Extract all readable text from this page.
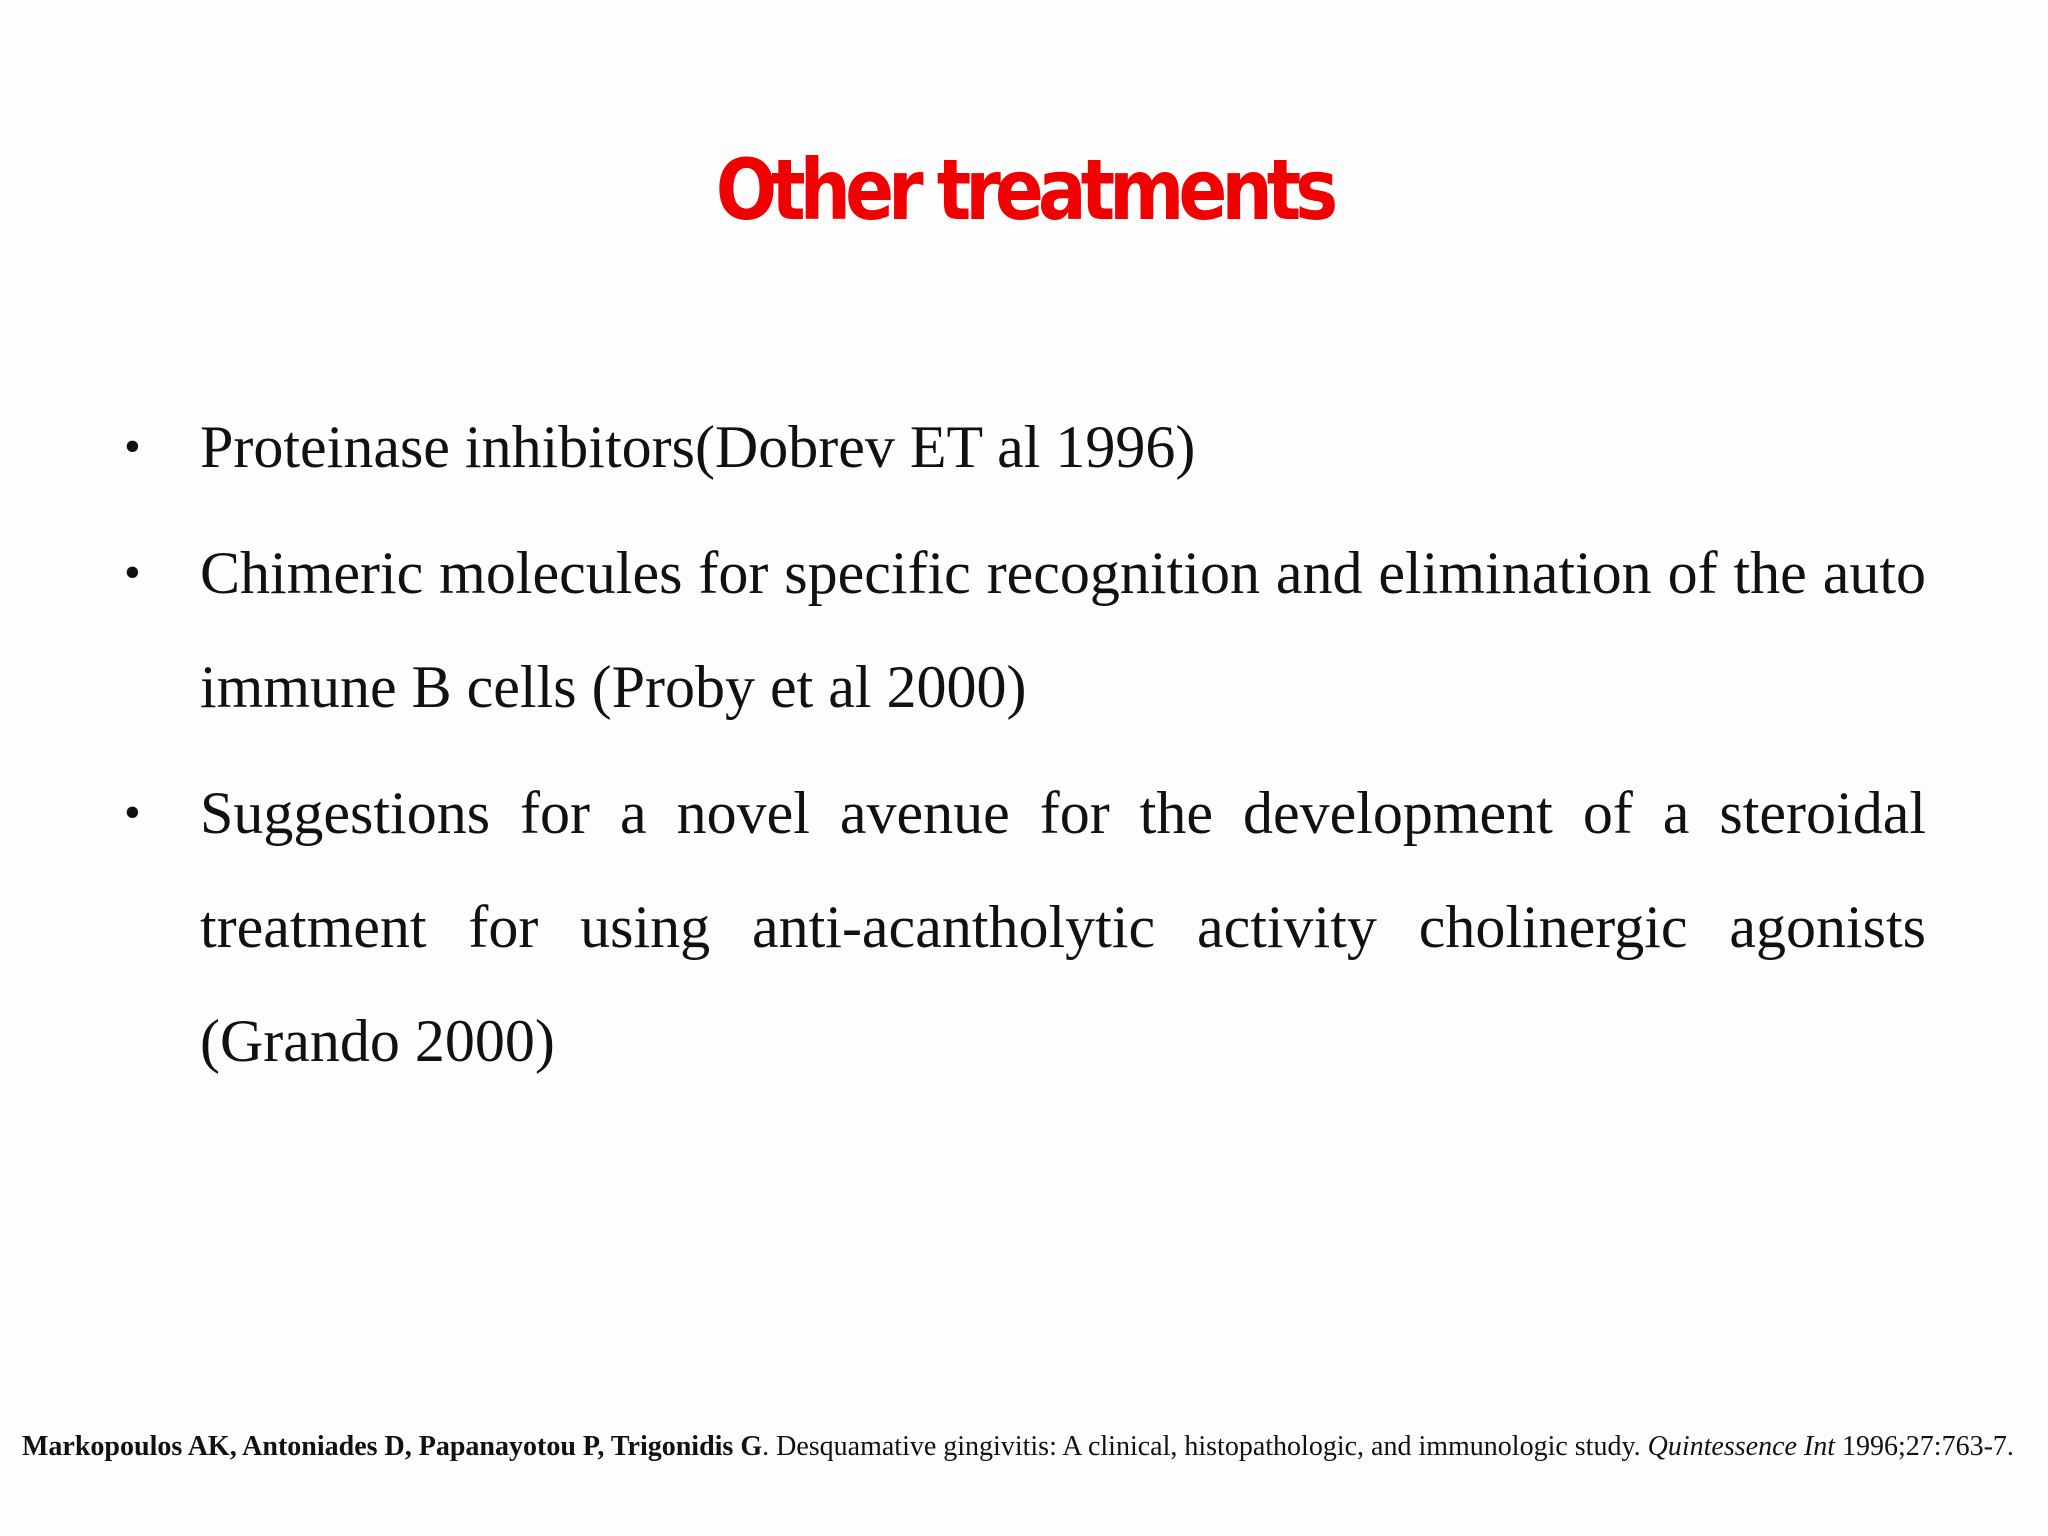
Other treatments
• Proteinase inhibitors(Dobrev ET al 1996)
• Chimeric molecules for specific recognition and elimination of the auto immune B cells (Proby et al 2000)
• Suggestions for a novel avenue for the development of a steroidal treatment for using anti-acantholytic activity cholinergic agonists (Grando 2000)
Markopoulos AK, Antoniades D, Papanayotou P, Trigonidis G. Desquamative gingivitis: A clinical, histopathologic, and immunologic study. Quintessence Int 1996;27:763-7.
